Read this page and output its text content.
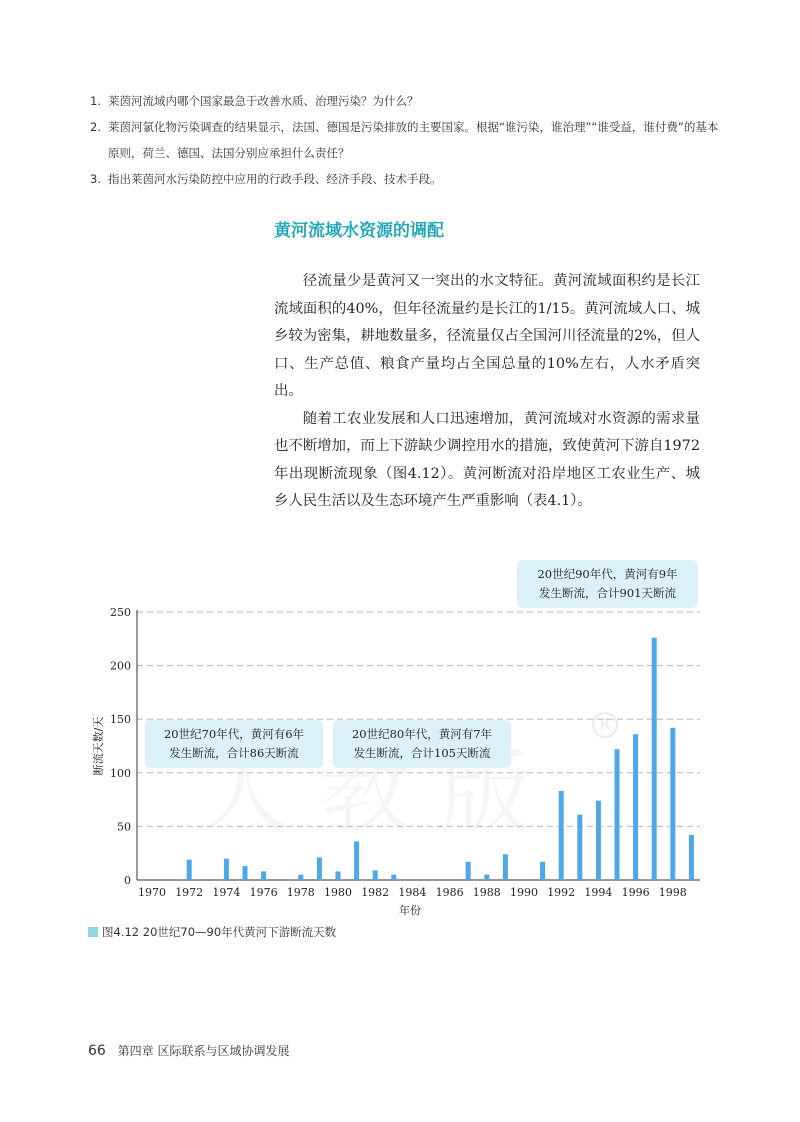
1. 莱茵河流域内哪个国家最急于改善水质、治理污染？为什么？
2. 莱茵河氯化物污染调查的结果显示，法国、德国是污染排放的主要国家。根据“谁污染，谁治理”“谁受益，谁付费”的基本原则，荷兰、德国、法国分别应承担什么责任？
3. 指出莱茵河水污染防控中应用的行政手段、经济手段、技术手段。
黄河流域水资源的调配

径流量少是黄河又一突出的水文特征。黄河流域面积约是长江流域面积的40%，但年径流量约是长江的1/15。黄河流域人口、城乡较为密集，耕地数量多，径流量仅占全国河川径流量的2%，但人口、生产总值、粮食产量均占全国总量的10%左右，人水矛盾突出。

随着工农业发展和人口迅速增加，黄河流域对水资源的需求量也不断增加，而上下游缺少调控用水的措施，致使黄河下游自1972 年出现断流现象（图4.12）。黄河断流对沿岸地区工农业生产、城乡人民生活以及生态环境产生严重影响（表4.1）。

R
0
50
100
150
200
250
1970 1972 1974 1976 1978 1980 1982 1984 1986 1988 1990 1992 1994 1996 1998
年份
断流天数/天	20世纪70年代，黄河有6年
发生断流，合计86天断流
20世纪80年代，黄河有7年
发生断流，合计105天断流
20世纪90年代，黄河有9年
发生断流，合计901天断流
图4.12 20世纪70—90年代黄河下游断流天数
66 第四章 区际联系与区域协调发展
